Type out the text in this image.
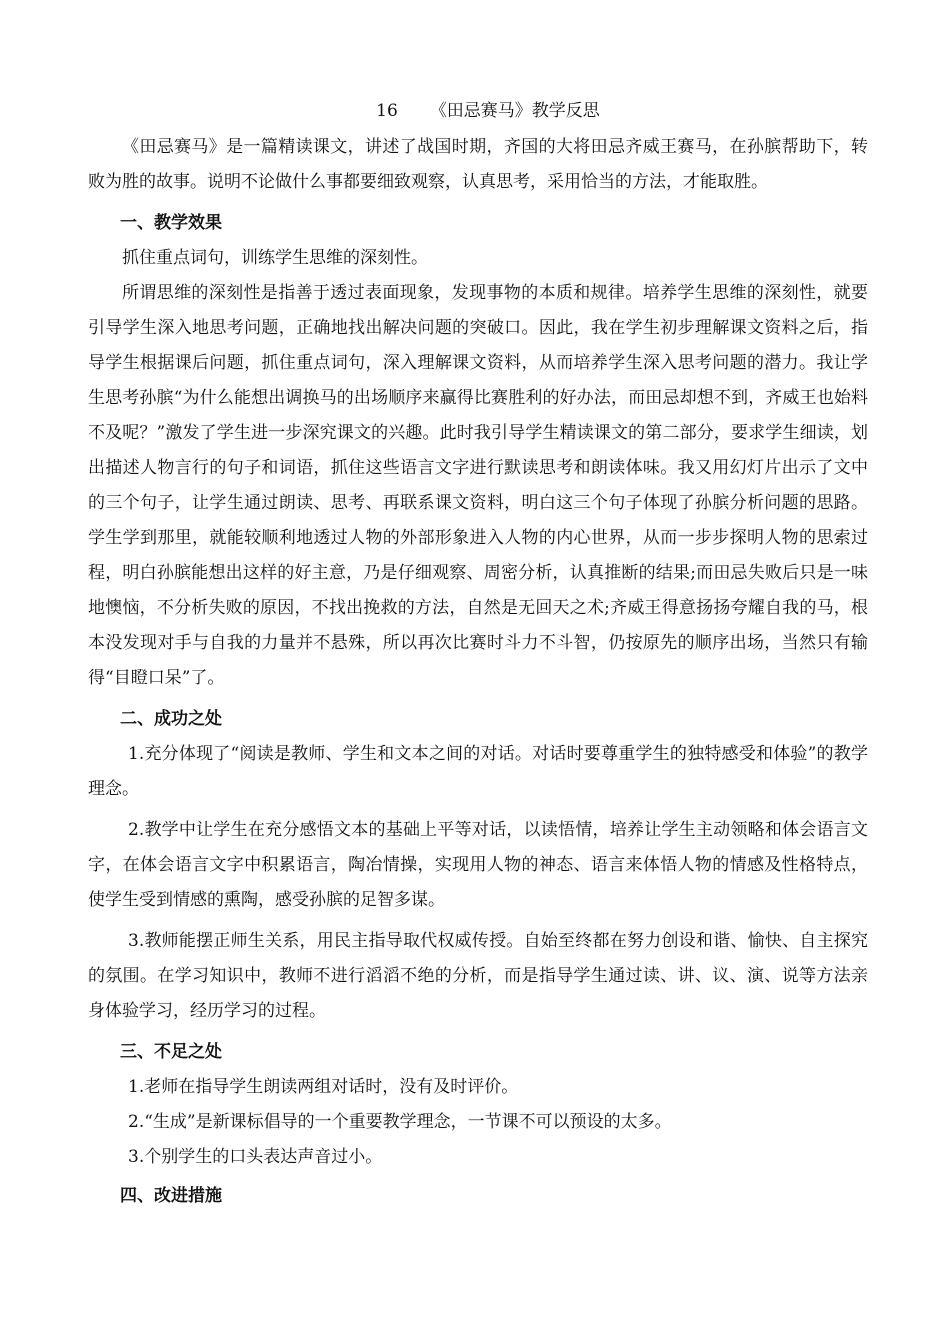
16 《田忌赛马》教学反思

《田忌赛马》是一篇精读课文，讲述了战国时期，齐国的大将田忌齐威王赛马，在孙膑帮助下，转败为胜的故事。说明不论做什么事都要细致观察，认真思考，采用恰当的方法，才能取胜。

一、教学效果

抓住重点词句，训练学生思维的深刻性。

所谓思维的深刻性是指善于透过表面现象，发现事物的本质和规律。培养学生思维的深刻性，就要引导学生深入地思考问题，正确地找出解决问题的突破口。因此，我在学生初步理解课文资料之后，指导学生根据课后问题，抓住重点词句，深入理解课文资料，从而培养学生深入思考问题的潜力。我让学生思考孙膑“为什么能想出调换马的出场顺序来赢得比赛胜利的好办法，而田忌却想不到，齐威王也始料不及呢？”激发了学生进一步深究课文的兴趣。此时我引导学生精读课文的第二部分，要求学生细读，划出描述人物言行的句子和词语，抓住这些语言文字进行默读思考和朗读体味。我又用幻灯片出示了文中的三个句子，让学生通过朗读、思考、再联系课文资料，明白这三个句子体现了孙膑分析问题的思路。学生学到那里，就能较顺利地透过人物的外部形象进入人物的内心世界，从而一步步探明人物的思索过程，明白孙膑能想出这样的好主意，乃是仔细观察、周密分析，认真推断的结果;而田忌失败后只是一味地懊恼，不分析失败的原因，不找出挽救的方法，自然是无回天之术;齐威王得意扬扬夸耀自我的马，根本没发现对手与自我的力量并不悬殊，所以再次比赛时斗力不斗智，仍按原先的顺序出场，当然只有输得“目瞪口呆”了。

二、成功之处

1.充分体现了“阅读是教师、学生和文本之间的对话。对话时要尊重学生的独特感受和体验”的教学理念。

2.教学中让学生在充分感悟文本的基础上平等对话，以读悟情，培养让学生主动领略和体会语言文字，在体会语言文字中积累语言，陶冶情操，实现用人物的神态、语言来体悟人物的情感及性格特点，使学生受到情感的熏陶，感受孙膑的足智多谋。

3.教师能摆正师生关系，用民主指导取代权威传授。自始至终都在努力创设和谐、愉快、自主探究的氛围。在学习知识中，教师不进行滔滔不绝的分析，而是指导学生通过读、讲、议、演、说等方法亲身体验学习，经历学习的过程。

三、不足之处

1.老师在指导学生朗读两组对话时，没有及时评价。

2.“生成”是新课标倡导的一个重要教学理念，一节课不可以预设的太多。

3.个别学生的口头表达声音过小。

四、改进措施
